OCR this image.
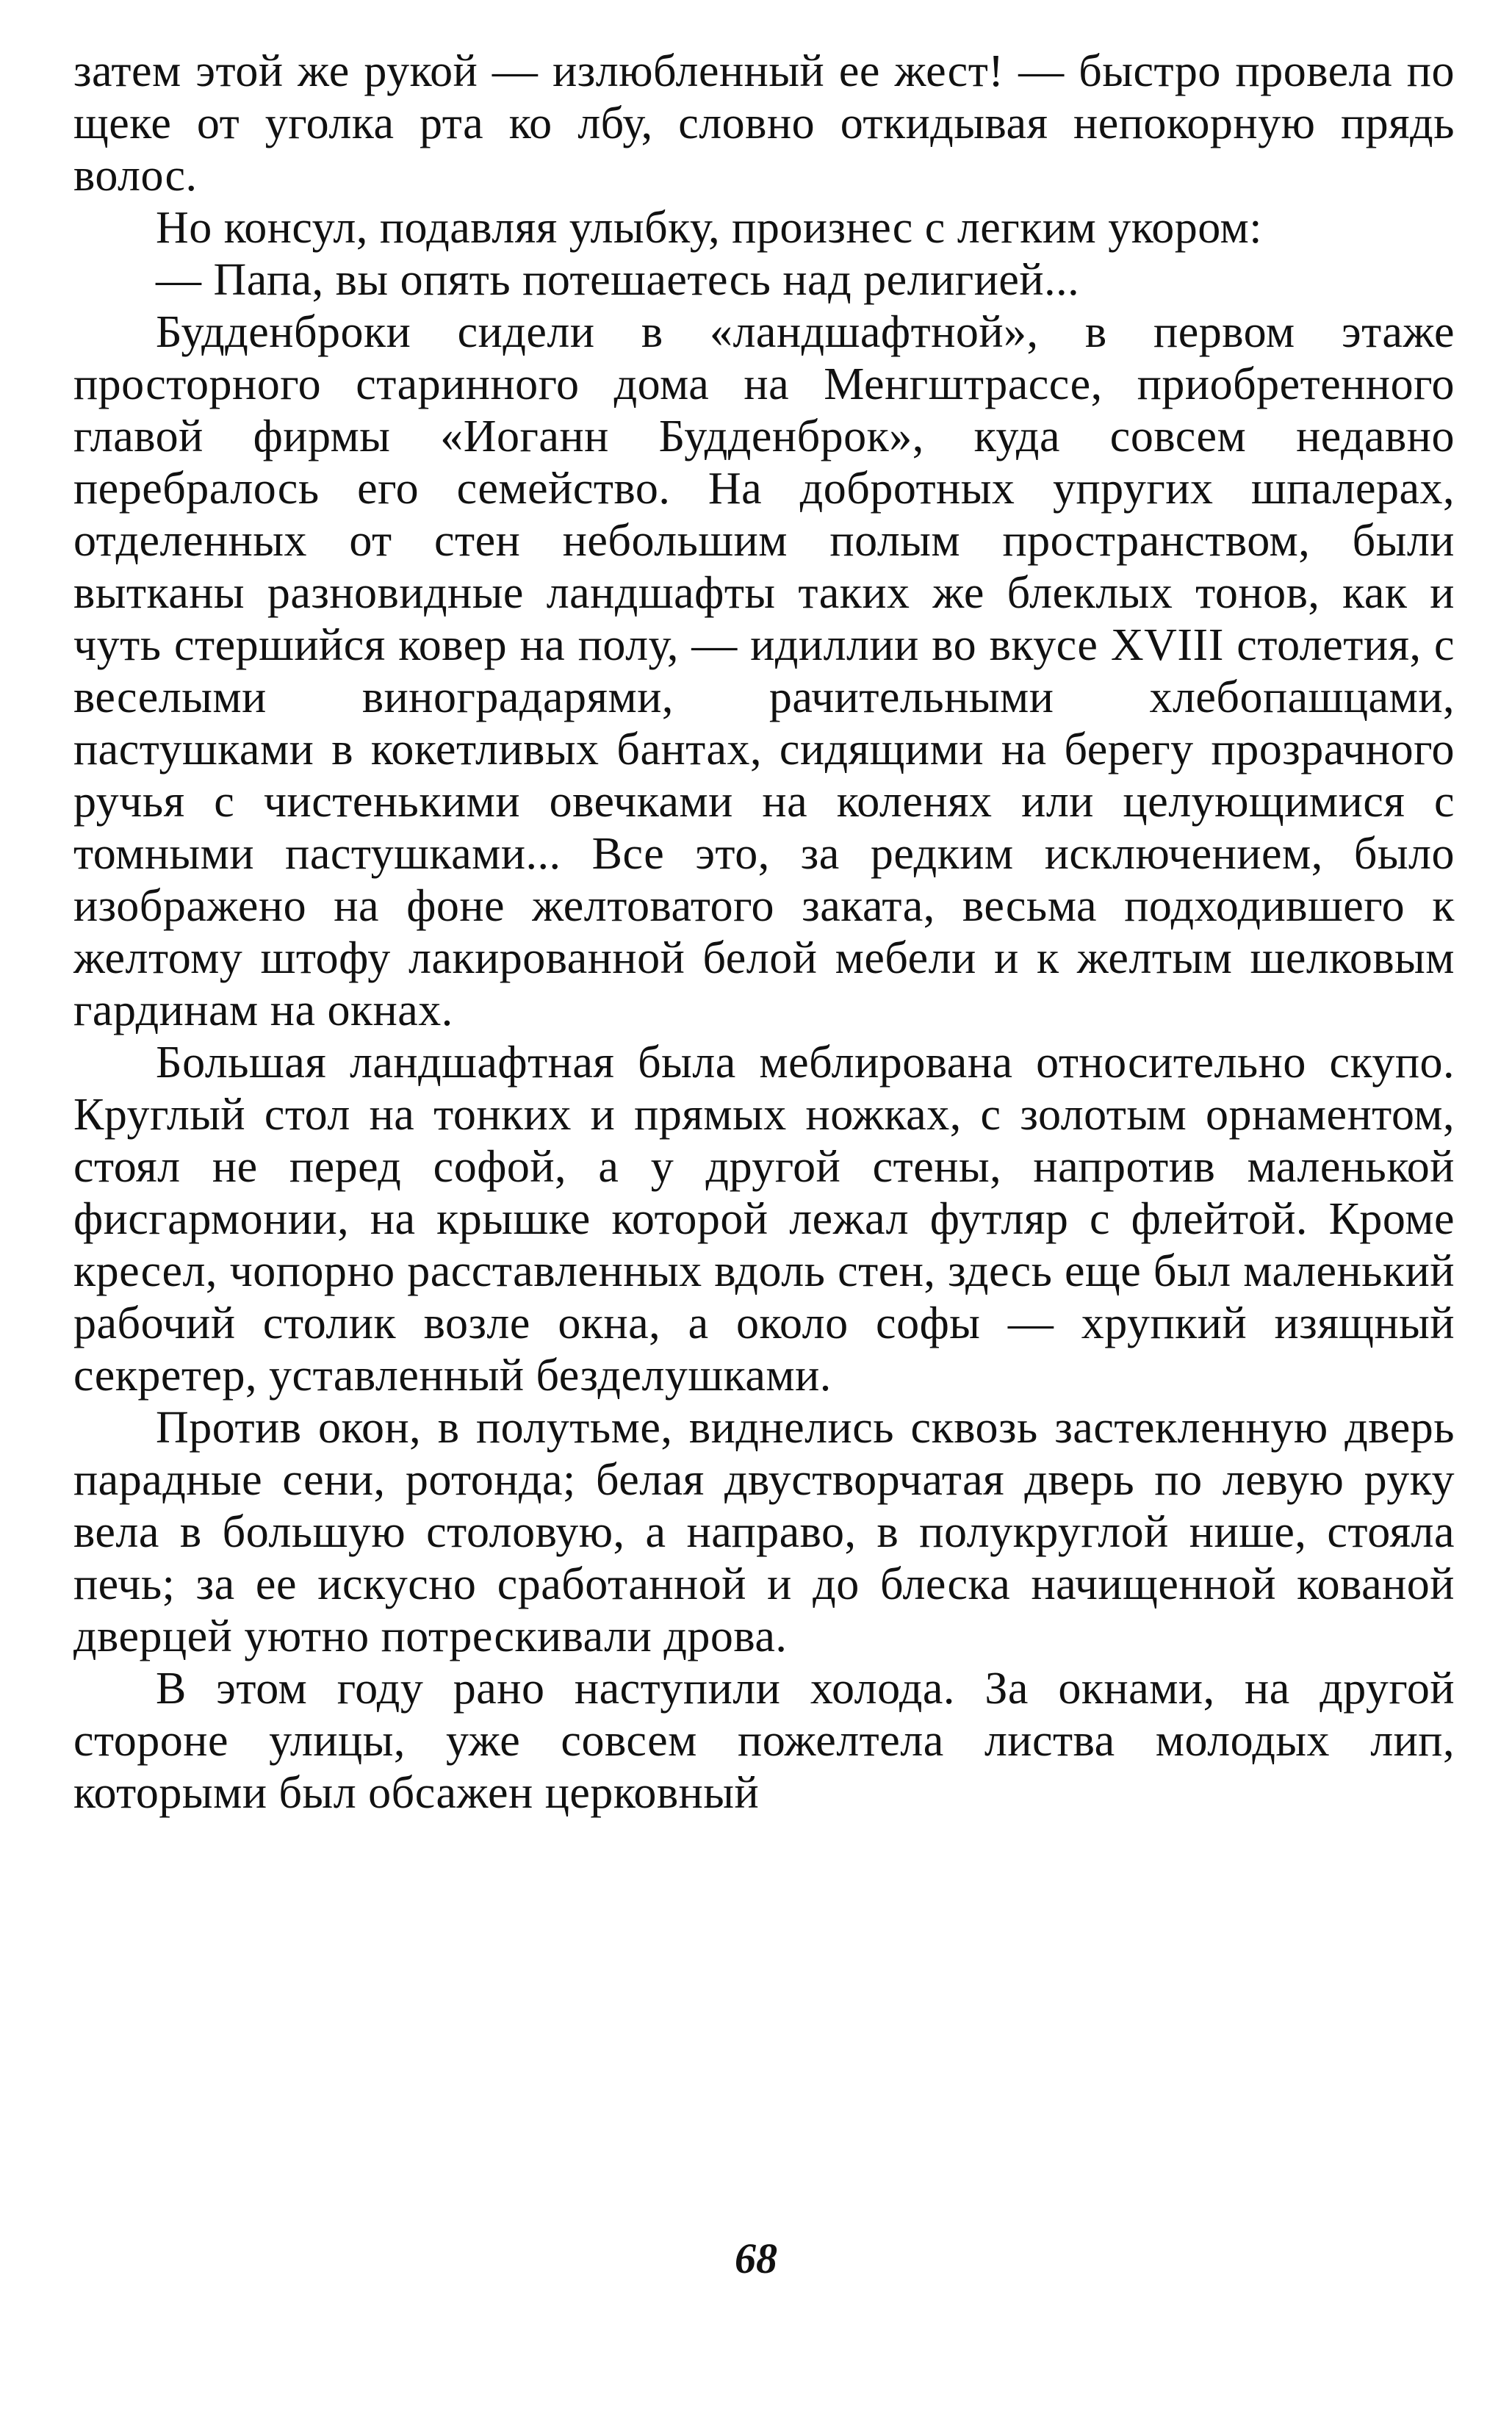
затем этой же рукой — излюбленный ее жест! — быстро провела по щеке от уголка рта ко лбу, словно откидывая непокорную прядь волос.

Но консул, подавляя улыбку, произнес с легким укором:

— Папа, вы опять потешаетесь над религией...

Будденброки сидели в «ландшафтной», в первом этаже просторного старинного дома на Менгштрассе, приобретенного главой фирмы «Иоганн Будденброк», куда совсем недавно перебралось его семейство. На добротных упругих шпалерах, отделенных от стен небольшим полым пространством, были вытканы разновидные ландшафты таких же блеклых тонов, как и чуть стершийся ковер на полу, — идиллии во вкусе XVIII столетия, с веселыми виноградарями, рачительными хлебопашцами, пастушками в кокетливых бантах, сидящими на берегу прозрачного ручья с чистенькими овечками на коленях или целующимися с томными пастушками... Все это, за редким исключением, было изображено на фоне желтоватого заката, весьма подходившего к желтому штофу лакированной белой мебели и к желтым шелковым гардинам на окнах.

Большая ландшафтная была меблирована относительно скупо. Круглый стол на тонких и прямых ножках, с золотым орнаментом, стоял не перед софой, а у другой стены, напротив маленькой фисгармонии, на крышке которой лежал футляр с флейтой. Кроме кресел, чопорно расставленных вдоль стен, здесь еще был маленький рабочий столик возле окна, а около софы — хрупкий изящный секретер, уставленный безделушками.

Против окон, в полутьме, виднелись сквозь застекленную дверь парадные сени, ротонда; белая двустворчатая дверь по левую руку вела в большую столовую, а направо, в полукруглой нише, стояла печь; за ее искусно сработанной и до блеска начищенной кованой дверцей уютно потрескивали дрова.

В этом году рано наступили холода. За окнами, на другой стороне улицы, уже совсем пожелтела листва молодых лип, которыми был обсажен церковный

68
